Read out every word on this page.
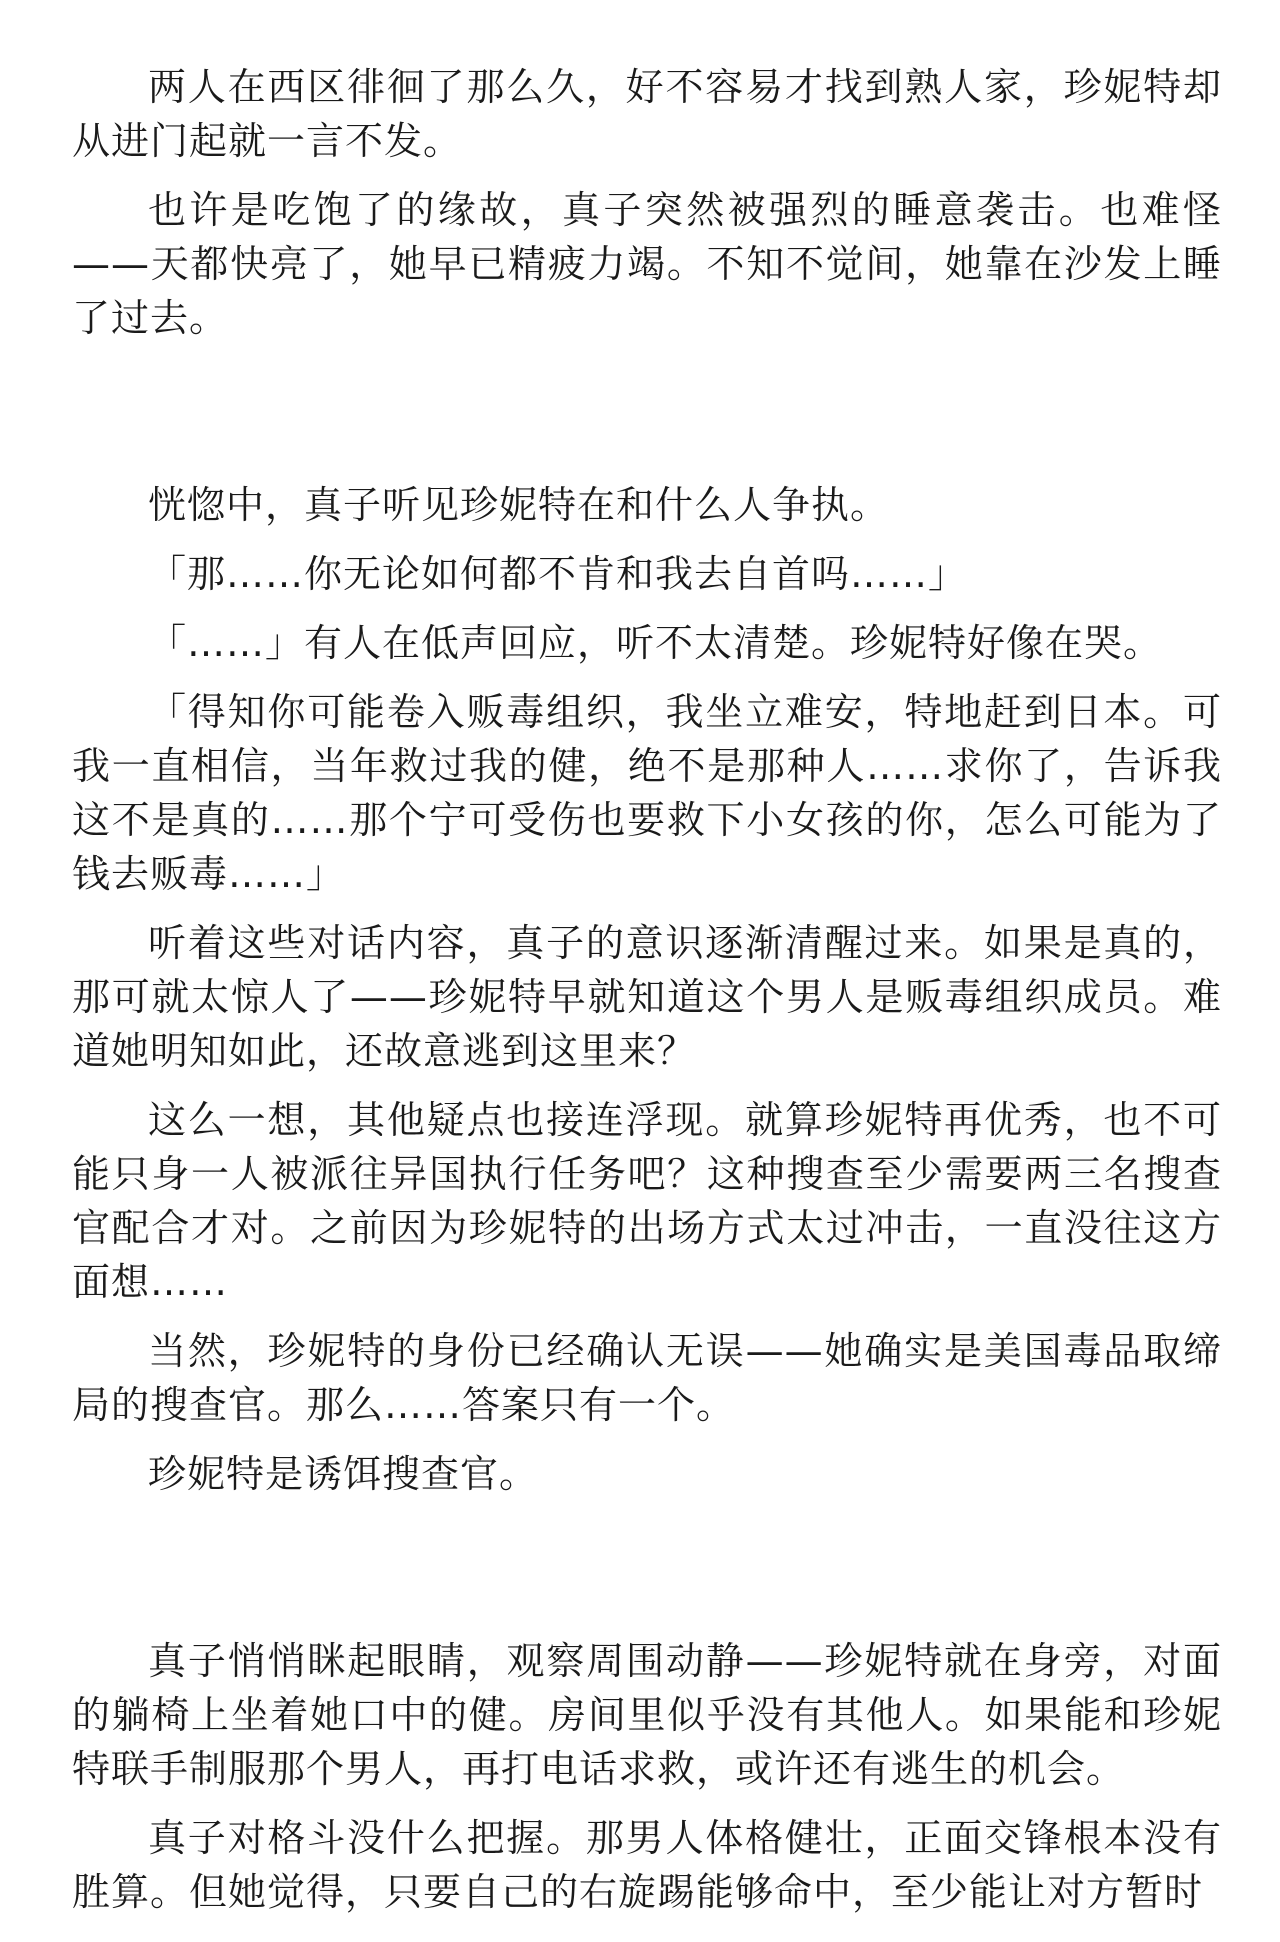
两人在西区徘徊了那么久，好不容易才找到熟人家，珍妮特却从进门起就一言不发。

也许是吃饱了的缘故，真子突然被强烈的睡意袭击。也难怪——天都快亮了，她早已精疲力竭。不知不觉间，她靠在沙发上睡了过去。

恍惚中，真子听见珍妮特在和什么人争执。

「那……你无论如何都不肯和我去自首吗……」

「……」有人在低声回应，听不太清楚。珍妮特好像在哭。

「得知你可能卷入贩毒组织，我坐立难安，特地赶到日本。可我一直相信，当年救过我的健，绝不是那种人……求你了，告诉我这不是真的……那个宁可受伤也要救下小女孩的你，怎么可能为了钱去贩毒……」

听着这些对话内容，真子的意识逐渐清醒过来。如果是真的，那可就太惊人了——珍妮特早就知道这个男人是贩毒组织成员。难道她明知如此，还故意逃到这里来？

这么一想，其他疑点也接连浮现。就算珍妮特再优秀，也不可能只身一人被派往异国执行任务吧？这种搜查至少需要两三名搜查官配合才对。之前因为珍妮特的出场方式太过冲击，一直没往这方面想……

当然，珍妮特的身份已经确认无误——她确实是美国毒品取缔局的搜查官。那么……答案只有一个。

珍妮特是诱饵搜查官。

真子悄悄眯起眼睛，观察周围动静——珍妮特就在身旁，对面的躺椅上坐着她口中的健。房间里似乎没有其他人。如果能和珍妮特联手制服那个男人，再打电话求救，或许还有逃生的机会。

真子对格斗没什么把握。那男人体格健壮，正面交锋根本没有胜算。但她觉得，只要自己的右旋踢能够命中，至少能让对方暂时
